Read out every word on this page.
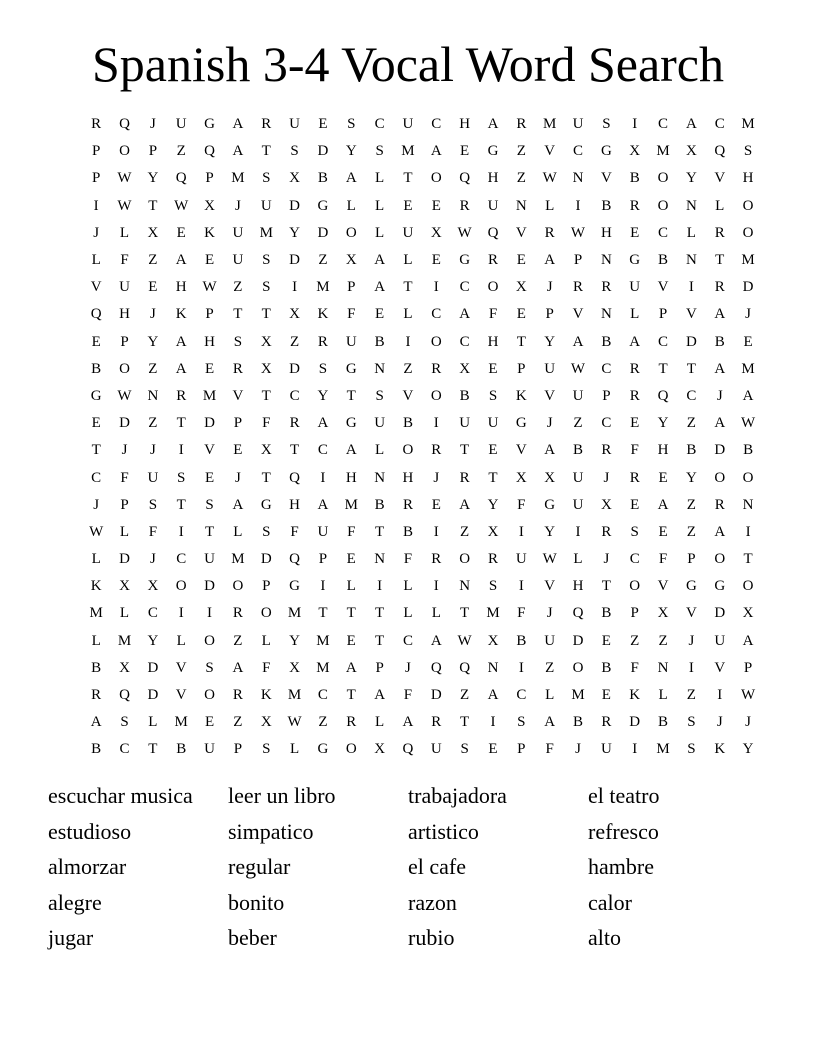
Spanish 3-4 Vocal Word Search
R	Q	J	U	G	A	R	U	E	S	C	U	C	H	A	R	M	U	S	I	C	A	C	M
P	O	P	Z	Q	A	T	S	D	Y	S	M	A	E	G	Z	V	C	G	X	M	X	Q	S
P	W	Y	Q	P	M	S	X	B	A	L	T	O	Q	H	Z	W	N	V	B	O	Y	V	H
I	W	T	W	X	J	U	D	G	L	L	E	E	R	U	N	L	I	B	R	O	N	L	O
J	L	X	E	K	U	M	Y	D	O	L	U	X	W	Q	V	R	W	H	E	C	L	R	O
L	F	Z	A	E	U	S	D	Z	X	A	L	E	G	R	E	A	P	N	G	B	N	T	M
V	U	E	H	W	Z	S	I	M	P	A	T	I	C	O	X	J	R	R	U	V	I	R	D
Q	H	J	K	P	T	T	X	K	F	E	L	C	A	F	E	P	V	N	L	P	V	A	J
E	P	Y	A	H	S	X	Z	R	U	B	I	O	C	H	T	Y	A	B	A	C	D	B	E
B	O	Z	A	E	R	X	D	S	G	N	Z	R	X	E	P	U	W	C	R	T	T	A	M
G	W	N	R	M	V	T	C	Y	T	S	V	O	B	S	K	V	U	P	R	Q	C	J	A
E	D	Z	T	D	P	F	R	A	G	U	B	I	U	U	G	J	Z	C	E	Y	Z	A	W
T	J	J	I	V	E	X	T	C	A	L	O	R	T	E	V	A	B	R	F	H	B	D	B
C	F	U	S	E	J	T	Q	I	H	N	H	J	R	T	X	X	U	J	R	E	Y	O	O
J	P	S	T	S	A	G	H	A	M	B	R	E	A	Y	F	G	U	X	E	A	Z	R	N
W	L	F	I	T	L	S	F	U	F	T	B	I	Z	X	I	Y	I	R	S	E	Z	A	I
L	D	J	C	U	M	D	Q	P	E	N	F	R	O	R	U	W	L	J	C	F	P	O	T
K	X	X	O	D	O	P	G	I	L	I	L	I	N	S	I	V	H	T	O	V	G	G	O
M	L	C	I	I	R	O	M	T	T	T	L	L	T	M	F	J	Q	B	P	X	V	D	X
L	M	Y	L	O	Z	L	Y	M	E	T	C	A	W	X	B	U	D	E	Z	Z	J	U	A
B	X	D	V	S	A	F	X	M	A	P	J	Q	Q	N	I	Z	O	B	F	N	I	V	P
R	Q	D	V	O	R	K	M	C	T	A	F	D	Z	A	C	L	M	E	K	L	Z	I	W
A	S	L	M	E	Z	X	W	Z	R	L	A	R	T	I	S	A	B	R	D	B	S	J	J
B	C	T	B	U	P	S	L	G	O	X	Q	U	S	E	P	F	J	U	I	M	S	K	Y
escuchar musica	leer un libro	trabajadora	el teatro
estudioso	simpatico	artistico	refresco
almorzar	regular	el cafe	hambre
alegre	bonito	razon	calor
jugar	beber	rubio	alto
